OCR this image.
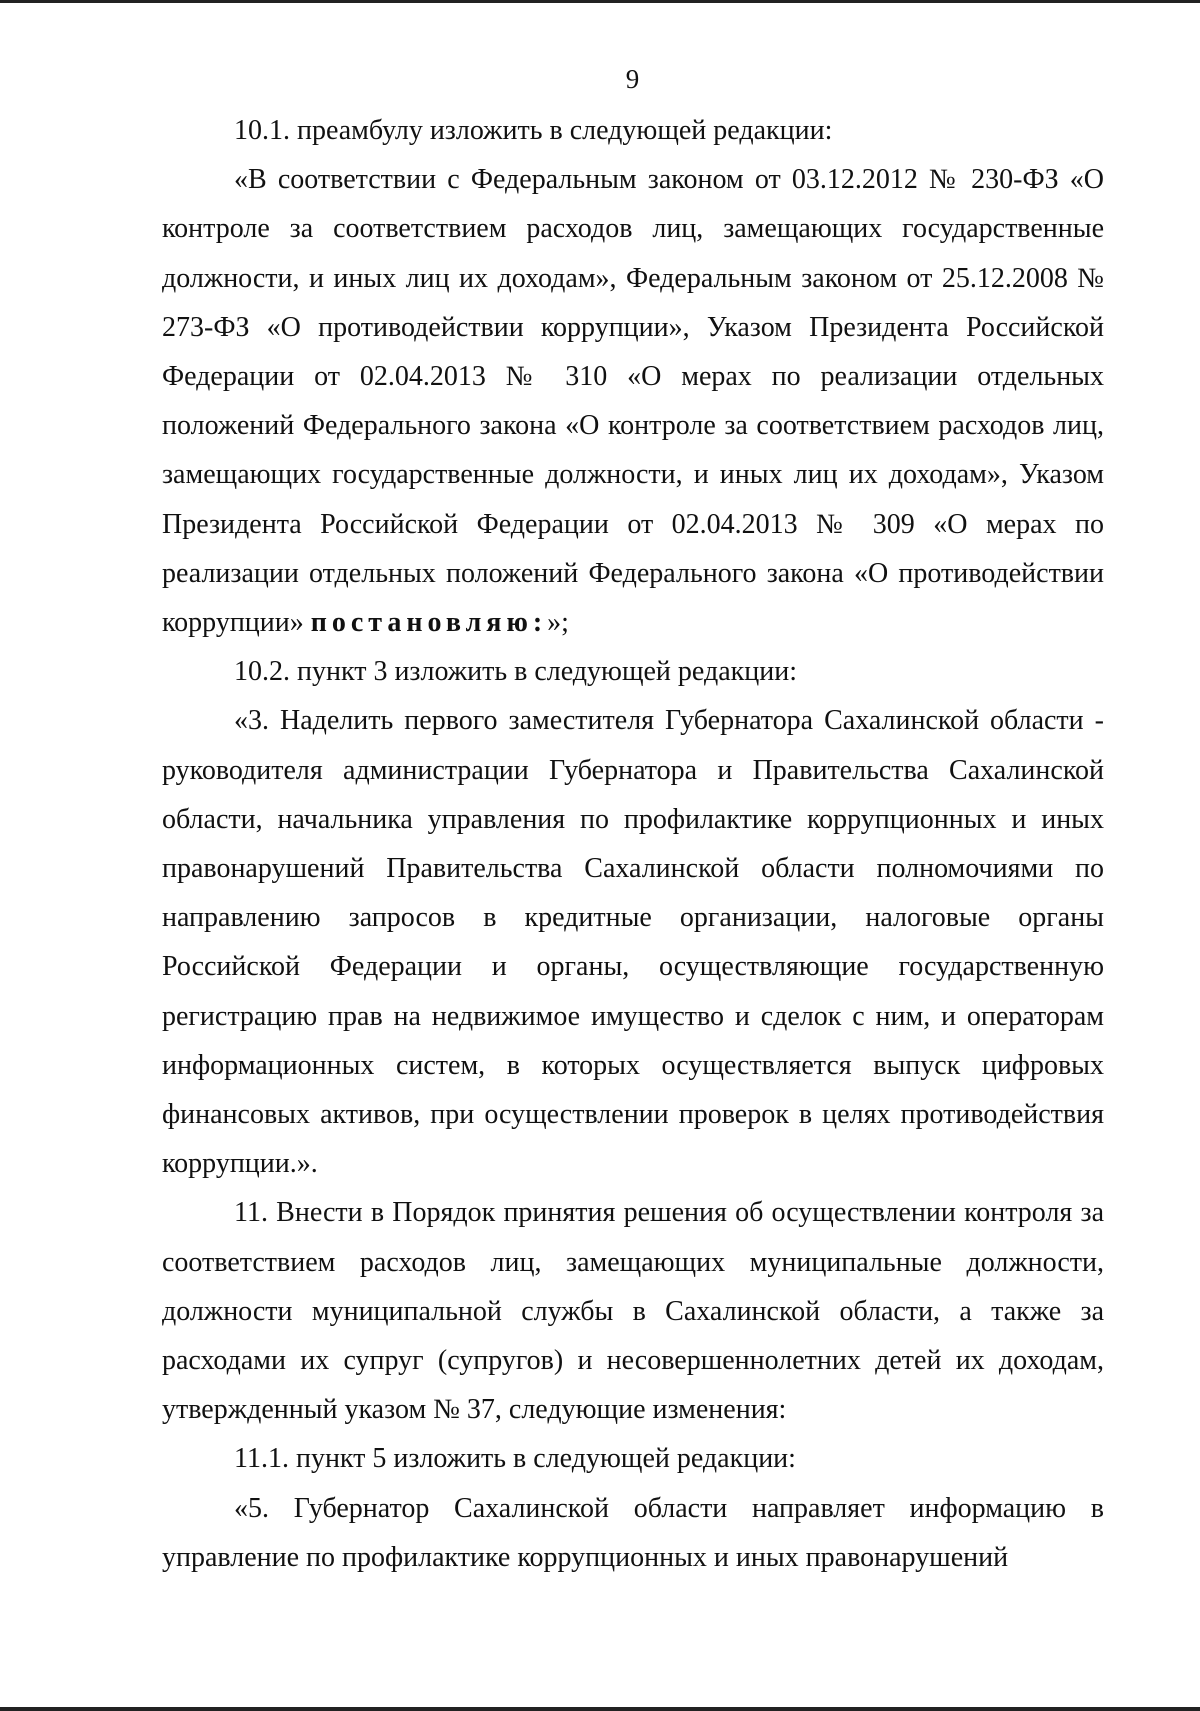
9

10.1. преамбулу изложить в следующей редакции:

«В соответствии с Федеральным законом от 03.12.2012 № 230-ФЗ «О контроле за соответствием расходов лиц, замещающих государственные должности, и иных лиц их доходам», Федеральным законом от 25.12.2008 № 273-ФЗ «О противодействии коррупции», Указом Президента Российской Федерации от 02.04.2013 № 310 «О мерах по реализации отдельных положений Федерального закона «О контроле за соответствием расходов лиц, замещающих государственные должности, и иных лиц их доходам», Указом Президента Российской Федерации от 02.04.2013 № 309 «О мерах по реализации отдельных положений Федерального закона «О противодействии коррупции» постановляю:»;

10.2. пункт 3 изложить в следующей редакции:

«3. Наделить первого заместителя Губернатора Сахалинской области - руководителя администрации Губернатора и Правительства Сахалинской области, начальника управления по профилактике коррупционных и иных правонарушений Правительства Сахалинской области полномочиями по направлению запросов в кредитные организации, налоговые органы Российской Федерации и органы, осуществляющие государственную регистрацию прав на недвижимое имущество и сделок с ним, и операторам информационных систем, в которых осуществляется выпуск цифровых финансовых активов, при осуществлении проверок в целях противодействия коррупции.».

11. Внести в Порядок принятия решения об осуществлении контроля за соответствием расходов лиц, замещающих муниципальные должности, должности муниципальной службы в Сахалинской области, а также за расходами их супруг (супругов) и несовершеннолетних детей их доходам, утвержденный указом № 37, следующие изменения:

11.1. пункт 5 изложить в следующей редакции:

«5. Губернатор Сахалинской области направляет информацию в управление по профилактике коррупционных и иных правонарушений
